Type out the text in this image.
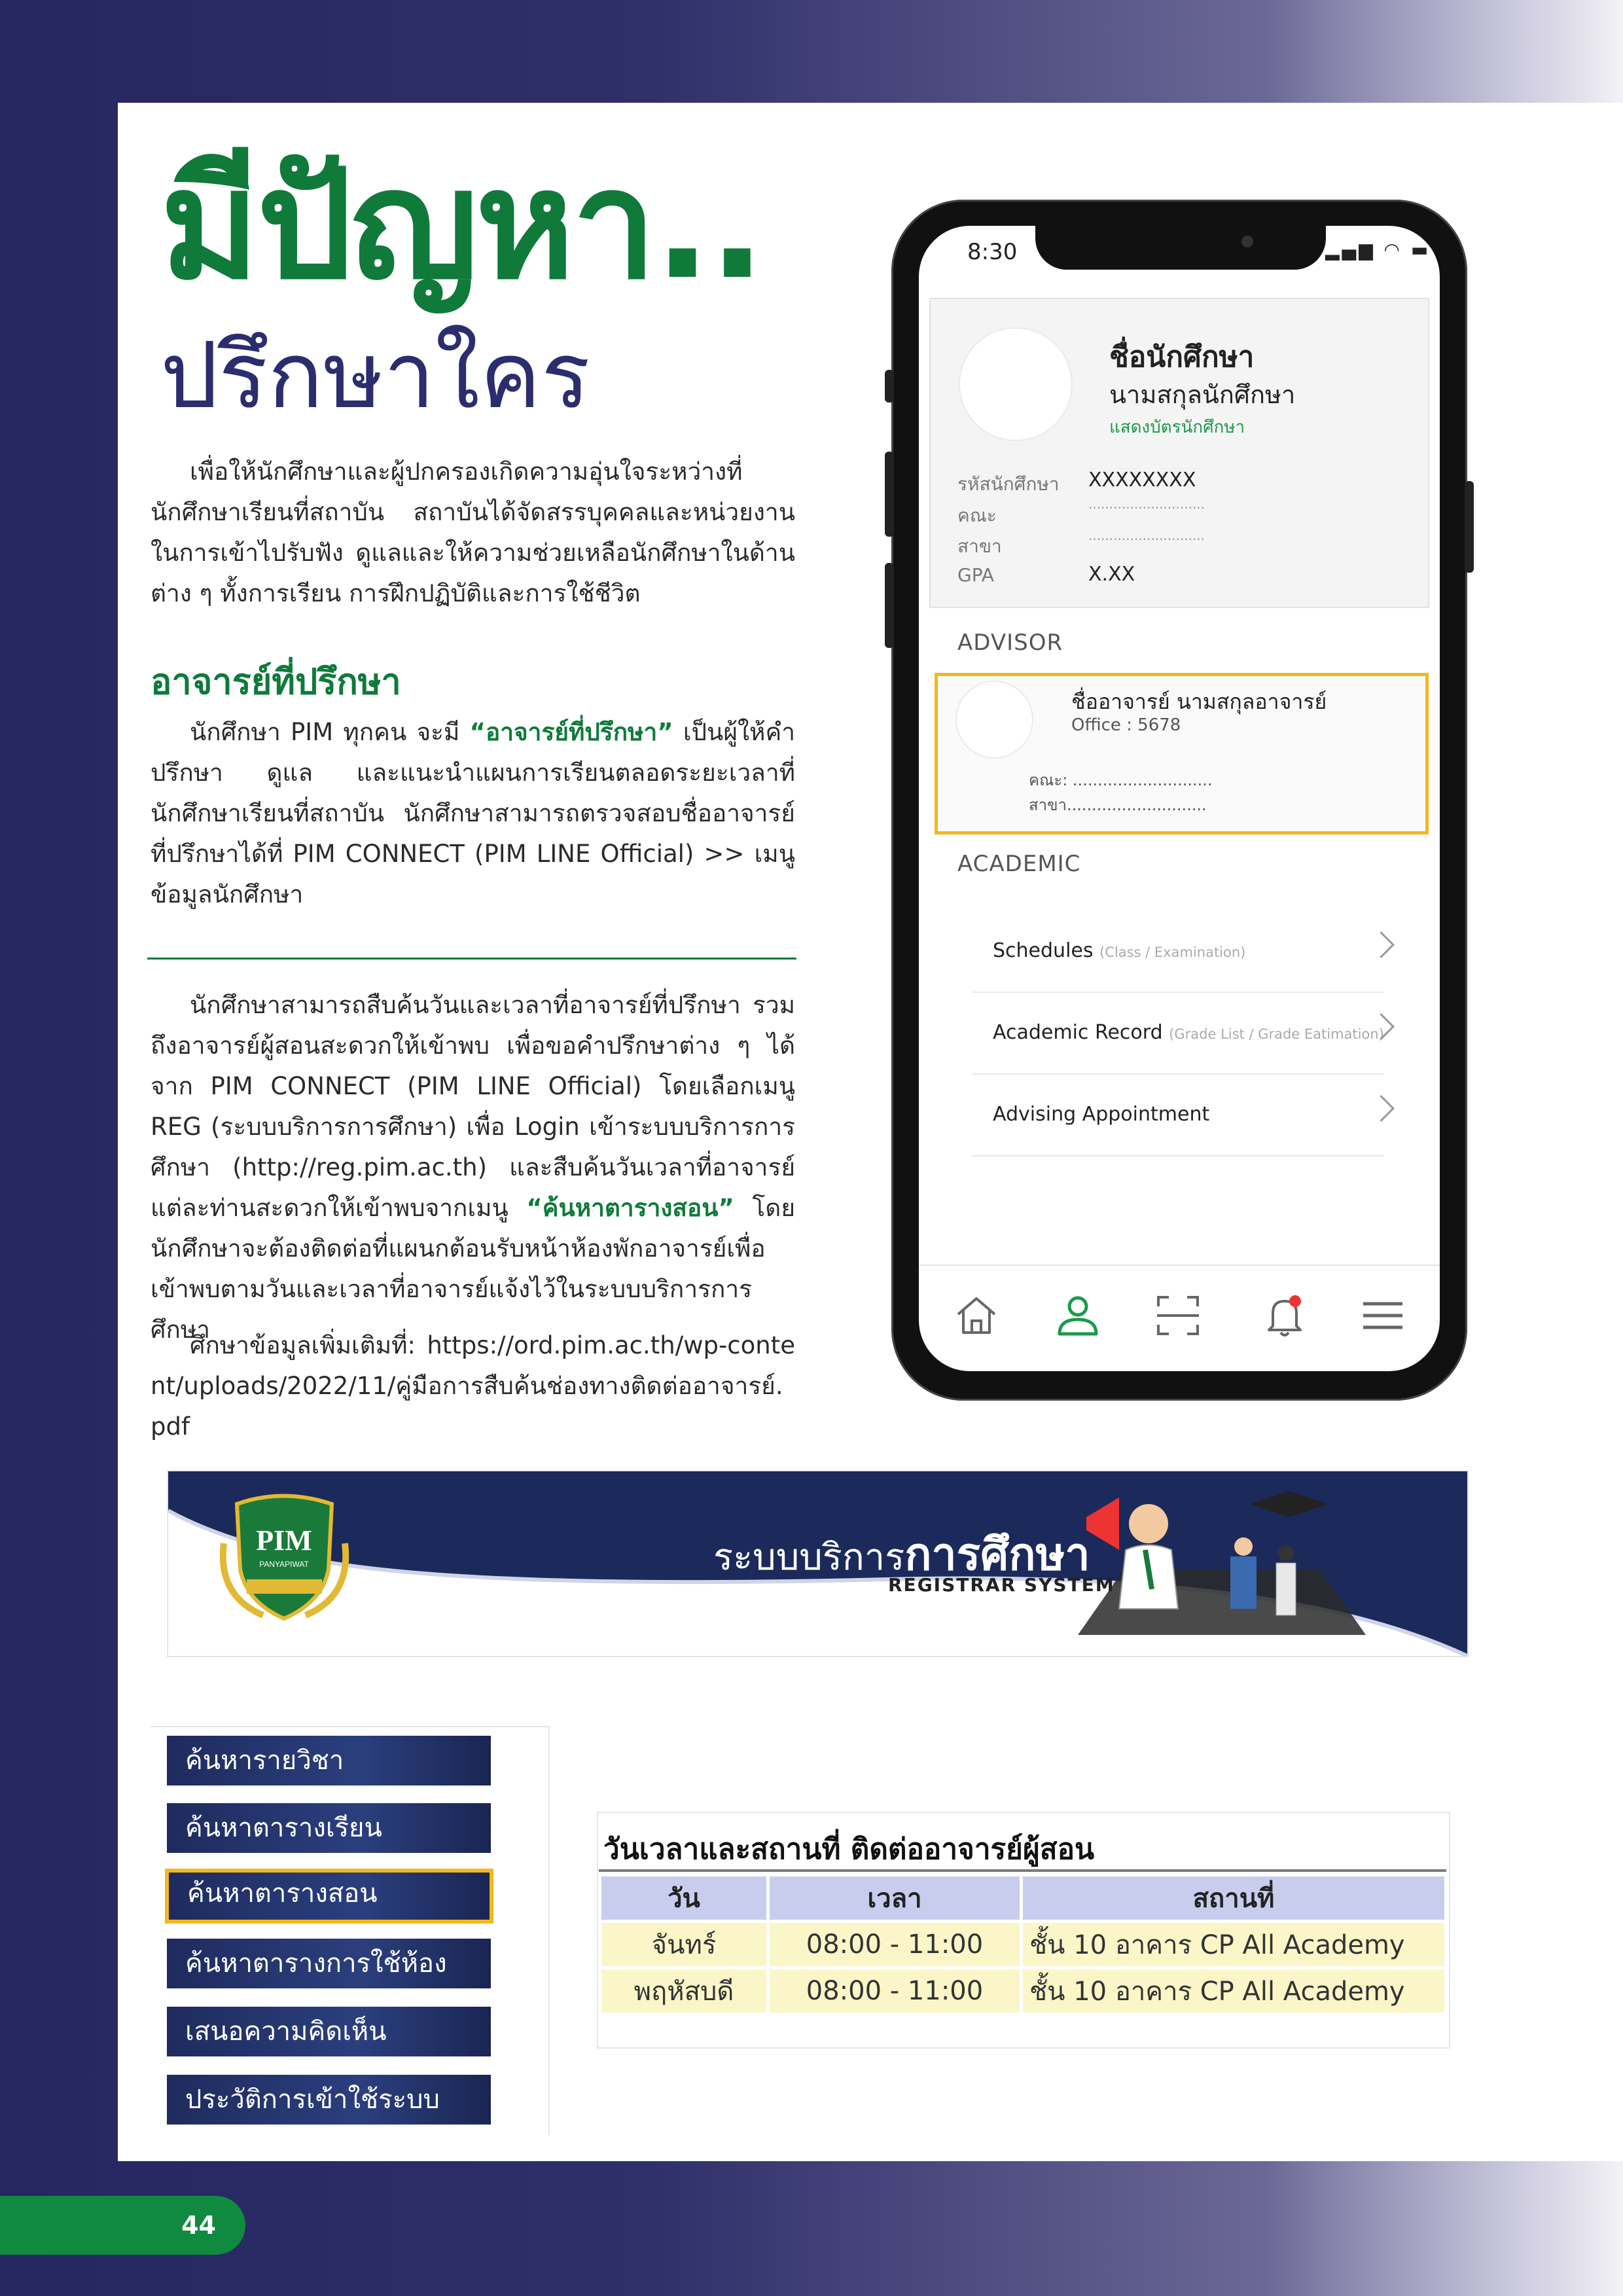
มีปัญหา..
ปรึกษาใคร
เพื่อให้นักศึกษาและผู้ปกครองเกิดความอุ่นใจระหว่างที่นักศึกษาเรียนที่สถาบัน สถาบันได้จัดสรรบุคคลและหน่วยงานในการเข้าไปรับฟัง ดูแลและให้ความช่วยเหลือนักศึกษาในด้านต่าง ๆ ทั้งการเรียน การฝึกปฏิบัติและการใช้ชีวิต
อาจารย์ที่ปรึกษา
นักศึกษา PIM ทุกคน จะมี “อาจารย์ที่ปรึกษา” เป็นผู้ให้คำปรึกษา ดูแล และแนะนำแผนการเรียนตลอดระยะเวลาที่นักศึกษาเรียนที่สถาบัน นักศึกษาสามารถตรวจสอบชื่ออาจารย์ที่ปรึกษาได้ที่ PIM CONNECT (PIM LINE Official) >> เมนูข้อมูลนักศึกษา
นักศึกษาสามารถสืบค้นวันและเวลาที่อาจารย์ที่ปรึกษา รวมถึงอาจารย์ผู้สอนสะดวกให้เข้าพบ เพื่อขอคำปรึกษาต่าง ๆ ได้จาก PIM CONNECT (PIM LINE Official) โดยเลือกเมนู REG (ระบบบริการการศึกษา) เพื่อ Login เข้าระบบบริการการศึกษา (http://reg.pim.ac.th) และสืบค้นวันเวลาที่อาจารย์แต่ละท่านสะดวกให้เข้าพบจากเมนู “ค้นหาตารางสอน” โดยนักศึกษาจะต้องติดต่อที่แผนกต้อนรับหน้าห้องพักอาจารย์เพื่อเข้าพบตามวันและเวลาที่อาจารย์แจ้งไว้ในระบบบริการการศึกษา
ศึกษาข้อมูลเพิ่มเติมที่: https://ord.pim.ac.th/wp-content/uploads/2022/11/คู่มือการสืบค้นช่องทางติดต่ออาจารย์.pdf
8:30	▂▄▆ ◠ ▬
ชื่อนักศึกษา
นามสกุลนักศึกษา
แสดงบัตรนักศึกษา
รหัสนักศึกษา XXXXXXXX
คณะ
............................
สาขา	............................
GPA	X.XX
ADVISOR
ชื่ออาจารย์ นามสกุลอาจารย์
Office : 5678
คณะ: ............................
สาขา............................
ACADEMIC
Schedules (Class / Examination)
Academic Record (Grade List / Grade Eatimation)
Advising Appointment
PIM
PANYAPIWAT	ระบบบริการการศึกษา
REGISTRAR SYSTEM
ค้นหารายวิชา
ค้นหาตารางเรียน
ค้นหาตารางสอน
ค้นหาตารางการใช้ห้อง
เสนอความคิดเห็น
ประวัติการเข้าใช้ระบบ
วันเวลาและสถานที่ ติดต่ออาจารย์ผู้สอน
วัน	เวลา	สถานที่
จันทร์	08:00 - 11:00	ชั้น 10 อาคาร CP All Academy
พฤหัสบดี	08:00 - 11:00	ชั้น 10 อาคาร CP All Academy
44
